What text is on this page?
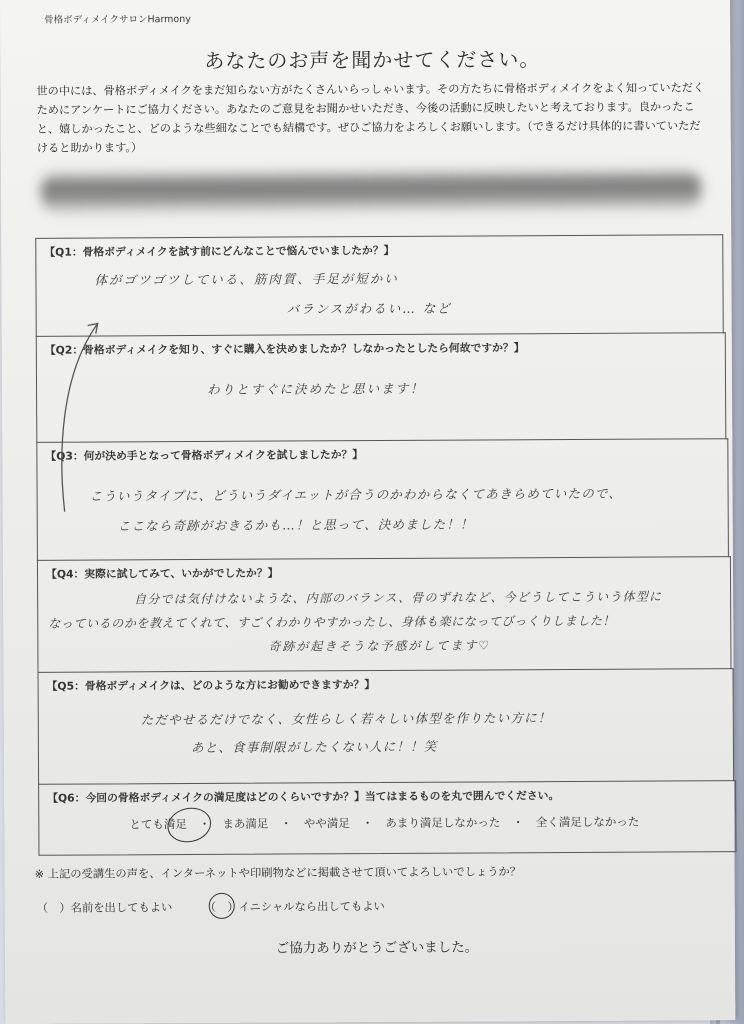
骨格ボディメイクサロンHarmony
あなたのお声を聞かせてください。
世の中には、骨格ボディメイクをまだ知らない方がたくさんいらっしゃいます。その方たちに骨格ボディメイクをよく知っていただくためにアンケートにご協力ください。あなたのご意見をお聞かせいただき、今後の活動に反映したいと考えております。良かったこと、嬉しかったこと、どのような些細なことでも結構です。ぜひご協力をよろしくお願いします。（できるだけ具体的に書いていただけると助かります。）
【Q1：骨格ボディメイクを試す前にどんなことで悩んでいましたか？】
体がゴツゴツしている、筋肉質、手足が短かい
バランスがわるい… など
【Q2：骨格ボディメイクを知り、すぐに購入を決めましたか？しなかったとしたら何故ですか？】
わりとすぐに決めたと思います！
【Q3：何が決め手となって骨格ボディメイクを試しましたか？】
こういうタイプに、どういうダイエットが合うのかわからなくてあきらめていたので、
ここなら奇跡がおきるかも…！と思って、決めました！！
【Q4：実際に試してみて、いかがでしたか？】
自分では気付けないような、内部のバランス、骨のずれなど、今どうしてこういう体型に
なっているのかを教えてくれて、すごくわかりやすかったし、身体も楽になってびっくりしました！
奇跡が起きそうな予感がしてます♡
【Q5：骨格ボディメイクは、どのような方にお勧めできますか？】
ただやせるだけでなく、女性らしく若々しい体型を作りたい方に！
あと、食事制限がしたくない人に！！笑
【Q6：今回の骨格ボディメイクの満足度はどのくらいですか？】当てはまるものを丸で囲んでください。
とても満足 ・ まあ満足 ・ やや満足 ・ あまり満足しなかった ・ 全く満足しなかった
※ 上記の受講生の声を、インターネットや印刷物などに掲載させて頂いてよろしいでしょうか？
（　）名前を出してもよい	（　）イニシャルなら出してもよい
ご協力ありがとうございました。
